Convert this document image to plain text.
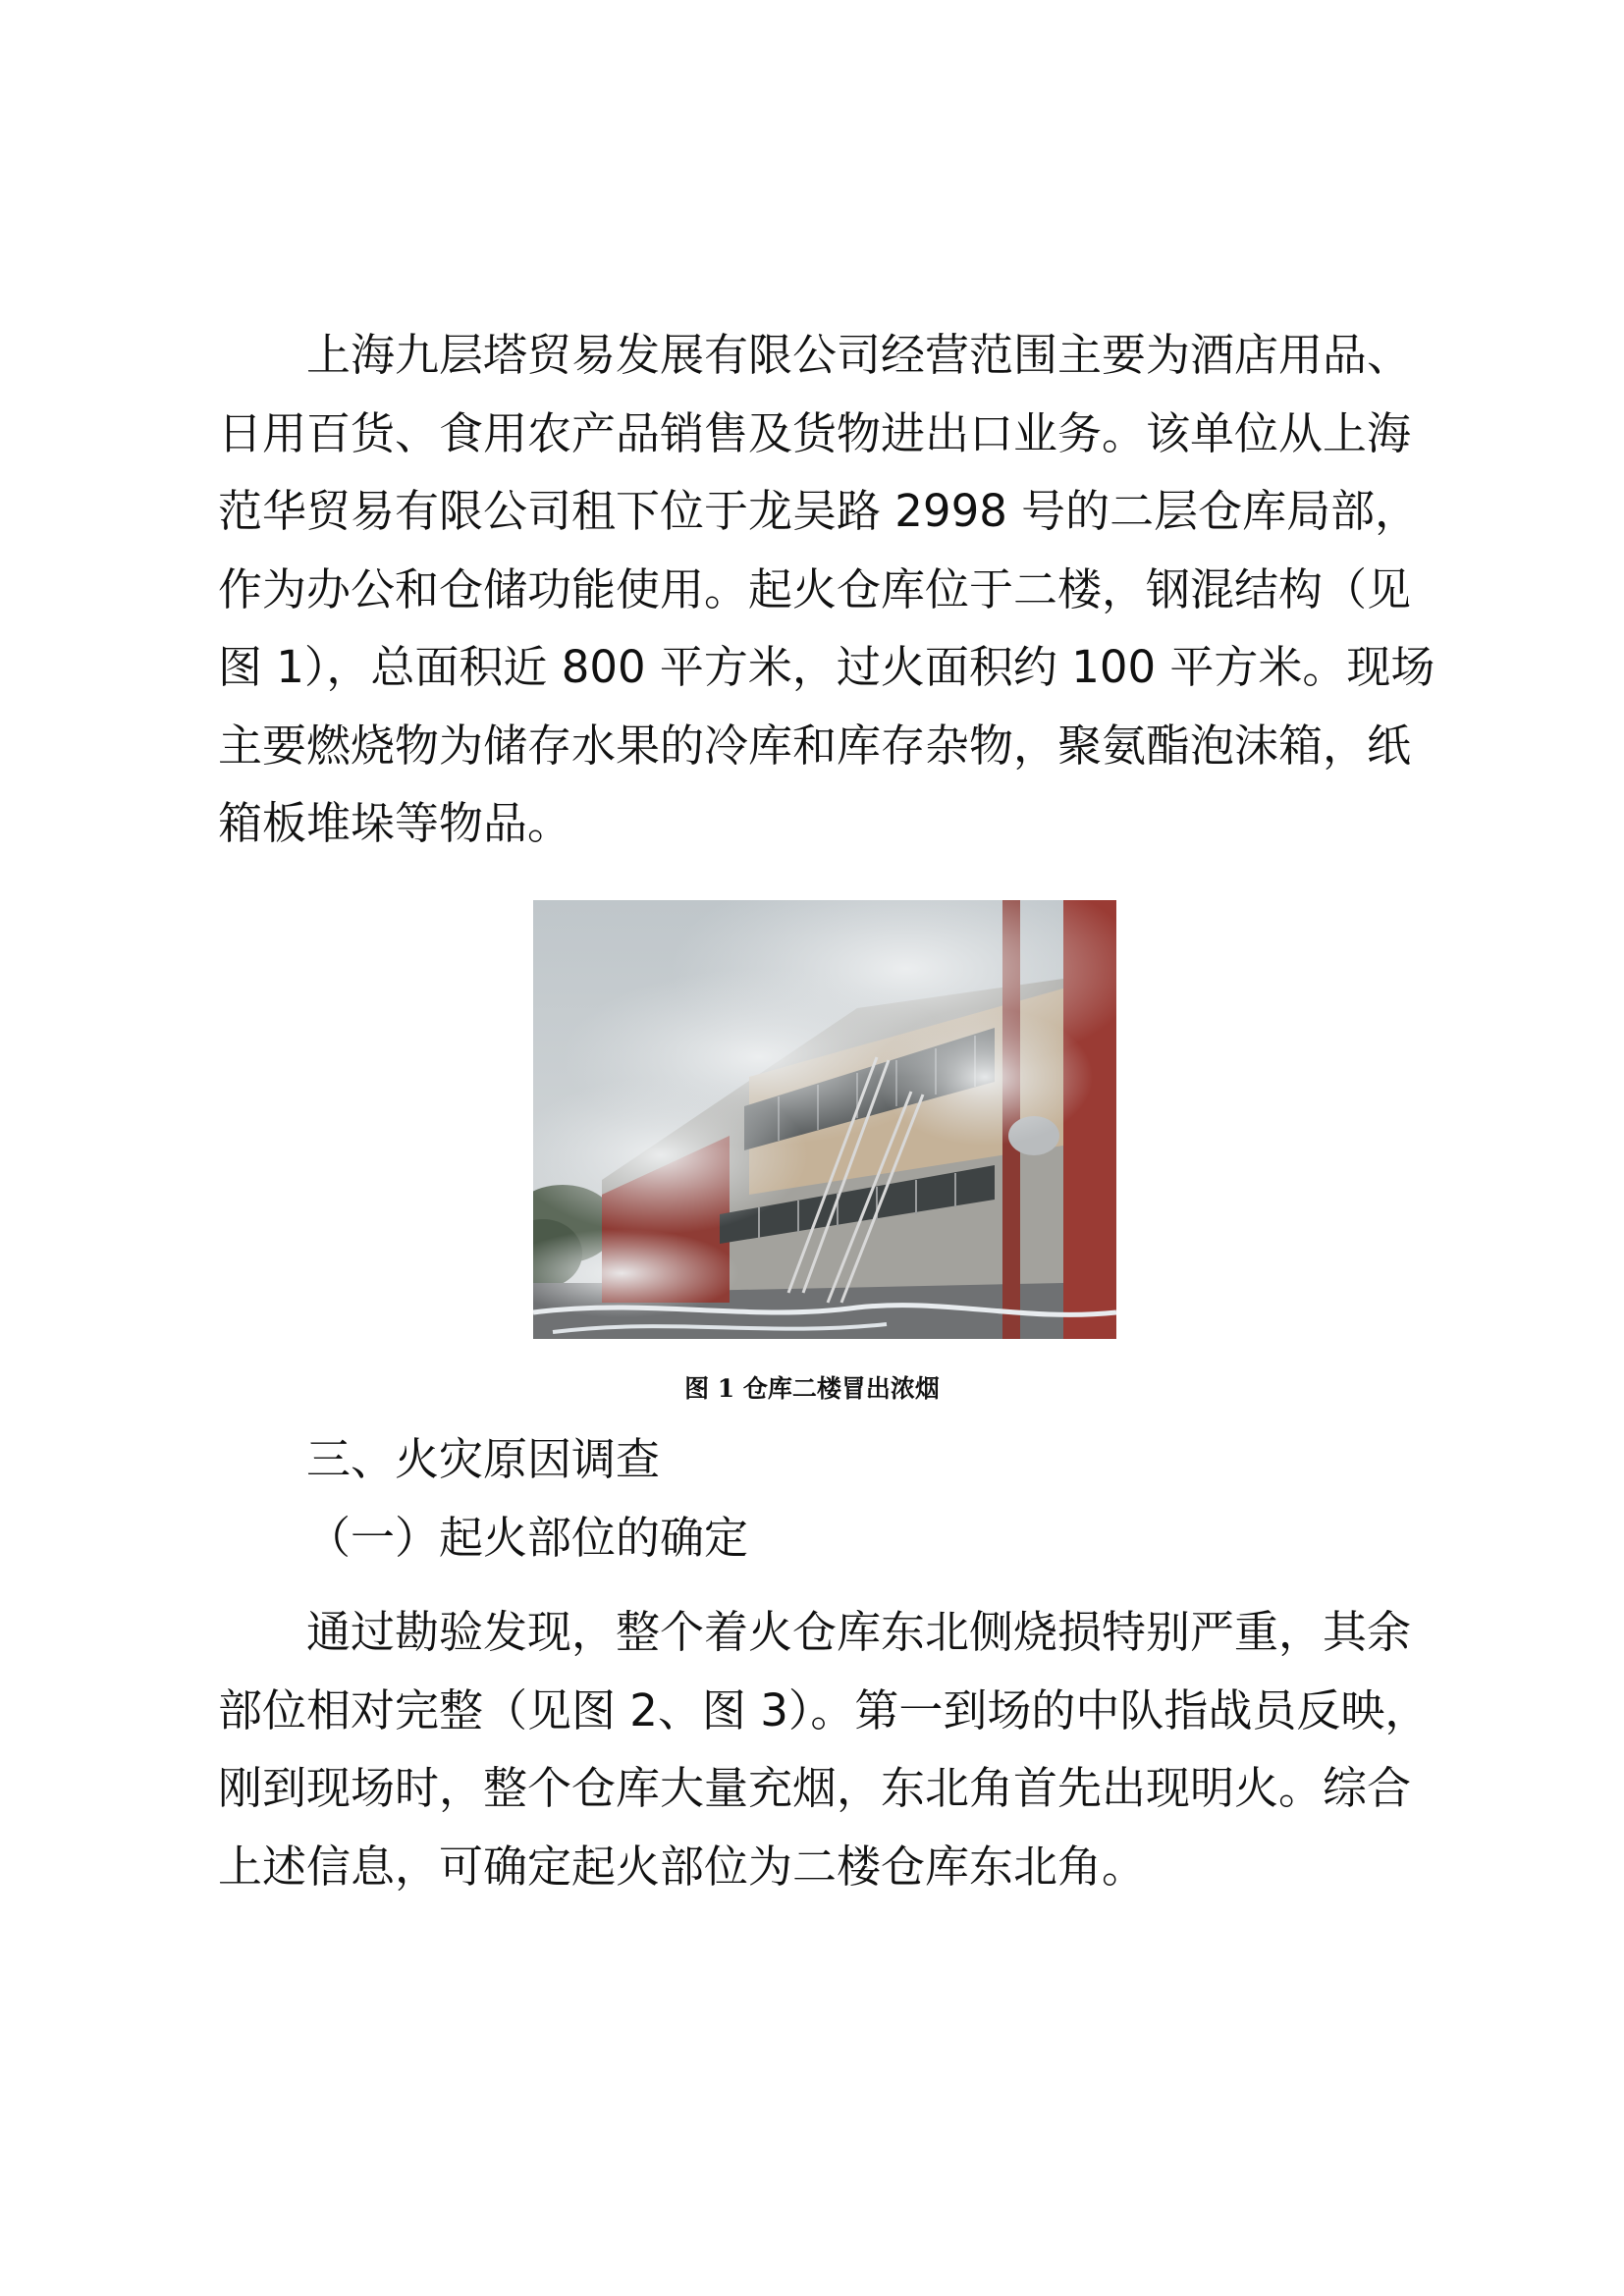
上海九层塔贸易发展有限公司经营范围主要为酒店用品、
日用百货、食用农产品销售及货物进出口业务。该单位从上海
范华贸易有限公司租下位于龙吴路 2998 号的二层仓库局部，
作为办公和仓储功能使用。起火仓库位于二楼，钢混结构（见
图 1），总面积近 800 平方米，过火面积约 100 平方米。现场
主要燃烧物为储存水果的冷库和库存杂物，聚氨酯泡沫箱，纸
箱板堆垛等物品。
图 1 仓库二楼冒出浓烟
三、火灾原因调查
（一）起火部位的确定
通过勘验发现，整个着火仓库东北侧烧损特别严重，其余
部位相对完整（见图 2、图 3）。第一到场的中队指战员反映，
刚到现场时，整个仓库大量充烟，东北角首先出现明火。综合
上述信息，可确定起火部位为二楼仓库东北角。
